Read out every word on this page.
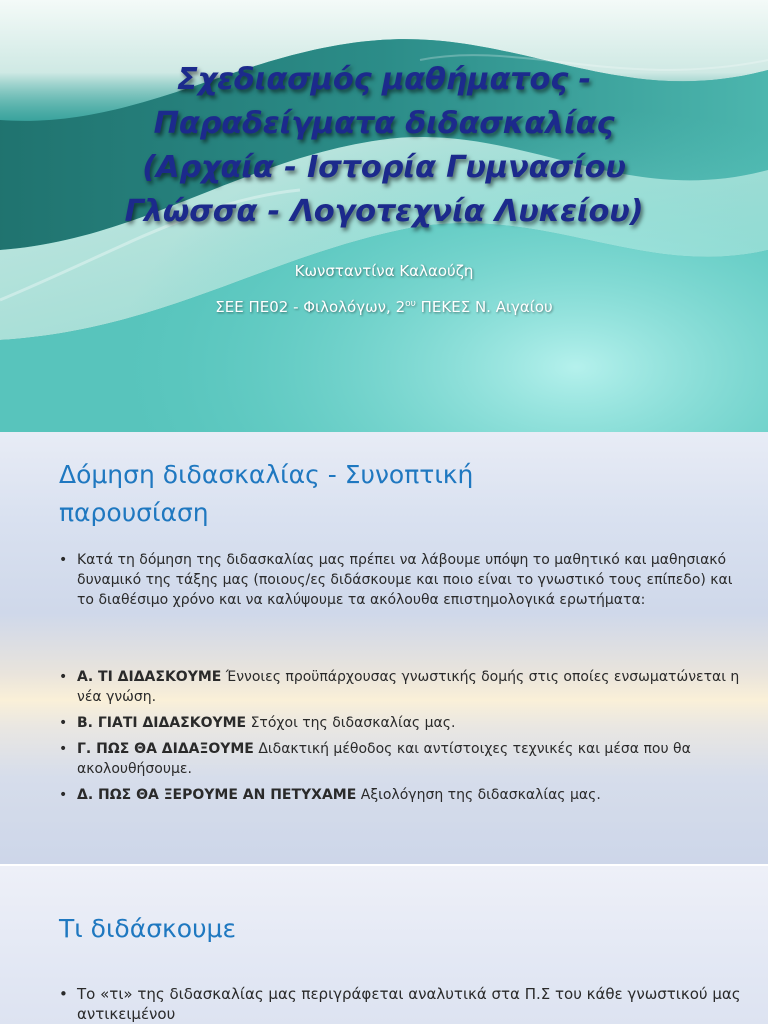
Σχεδιασμός μαθήματος -
Παραδείγματα διδασκαλίας
(Αρχαία - Ιστορία Γυμνασίου
Γλώσσα - Λογοτεχνία Λυκείου)
Κωνσταντίνα Καλαούζη
ΣΕΕ ΠΕ02 - Φιλολόγων, $2^{o\upsilon}$ ΠΕΚΕΣ Ν. Αιγαίου
Δόμηση διδασκαλίας - Συνοπτική
παρουσίαση
• Κατά τη δόμηση της διδασκαλίας μας πρέπει να λάβουμε υπόψη το μαθητικό και μαθησιακό δυναμικό της τάξης μας (ποιους/ες διδάσκουμε και ποιο είναι το γνωστικό τους επίπεδο) και το διαθέσιμο χρόνο και να καλύψουμε τα ακόλουθα επιστημολογικά ερωτήματα:
• Α. ΤΙ ΔΙΔΑΣΚΟΥΜΕ Έννοιες προϋπάρχουσας γνωστικής δομής στις οποίες ενσωματώνεται η νέα γνώση.
• Β. ΓΙΑΤΙ ΔΙΔΑΣΚΟΥΜΕ Στόχοι της διδασκαλίας μας.
• Γ. ΠΩΣ ΘΑ ΔΙΔΑΞΟΥΜΕ Διδακτική μέθοδος και αντίστοιχες τεχνικές και μέσα που θα ακολουθήσουμε.
• Δ. ΠΩΣ ΘΑ ΞΕΡΟΥΜΕ ΑΝ ΠΕΤΥΧΑΜΕ Αξιολόγηση της διδασκαλίας μας.
Τι διδάσκουμε
• Το «τι» της διδασκαλίας μας περιγράφεται αναλυτικά στα Π.Σ του κάθε γνωστικού μας αντικειμένου
